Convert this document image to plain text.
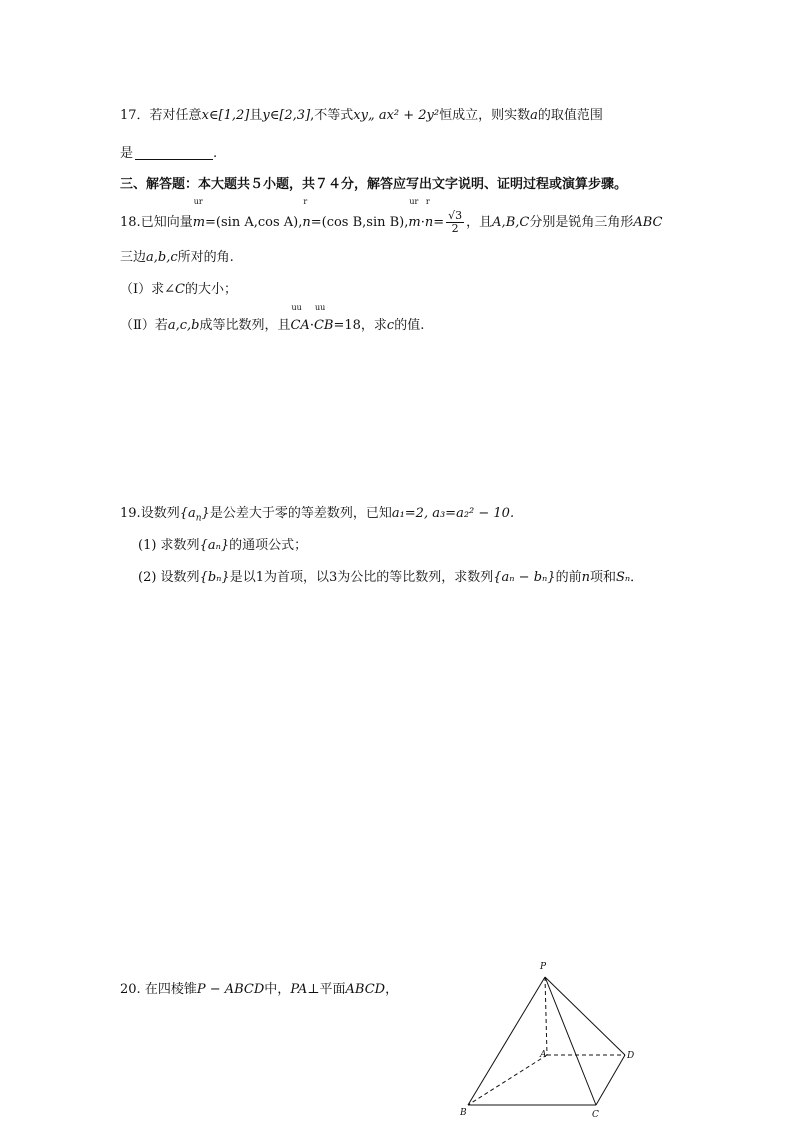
17．若对任意x∈[1,2]且y∈[2,3],不等式xy„ ax² + 2y²恒成立，则实数a的取值范围
是	.
三、解答题：本大题共５小题，共７４分，解答应写出文字说明、证明过程或演算步骤。
18.已知向量
ur
m=(sin A,cos A),
r
n=(cos B,sin B),
ur
m·
r
$n= \frac{√3}{2}$ ，且A,B,C分别是锐角三角形ABC
三边a,b,c所对的角.
（Ⅰ）求∠C的大小；
（Ⅱ）若a,c,b成等比数列，且
uu
CA·
uu
CB=18，求c的值.
19.设数列$\{a_n\}$是公差大于零的等差数列，已知a₁=2, a₃=a₂² − 10.
(1) 求数列{aₙ}的通项公式；
(2) 设数列{bₙ}是以1为首项，以3为公比的等比数列，求数列{aₙ − bₙ}的前n项和Sₙ．
20. 在四棱锥P − ABCD中，PA⊥平面ABCD，
P
A
B	C
D
